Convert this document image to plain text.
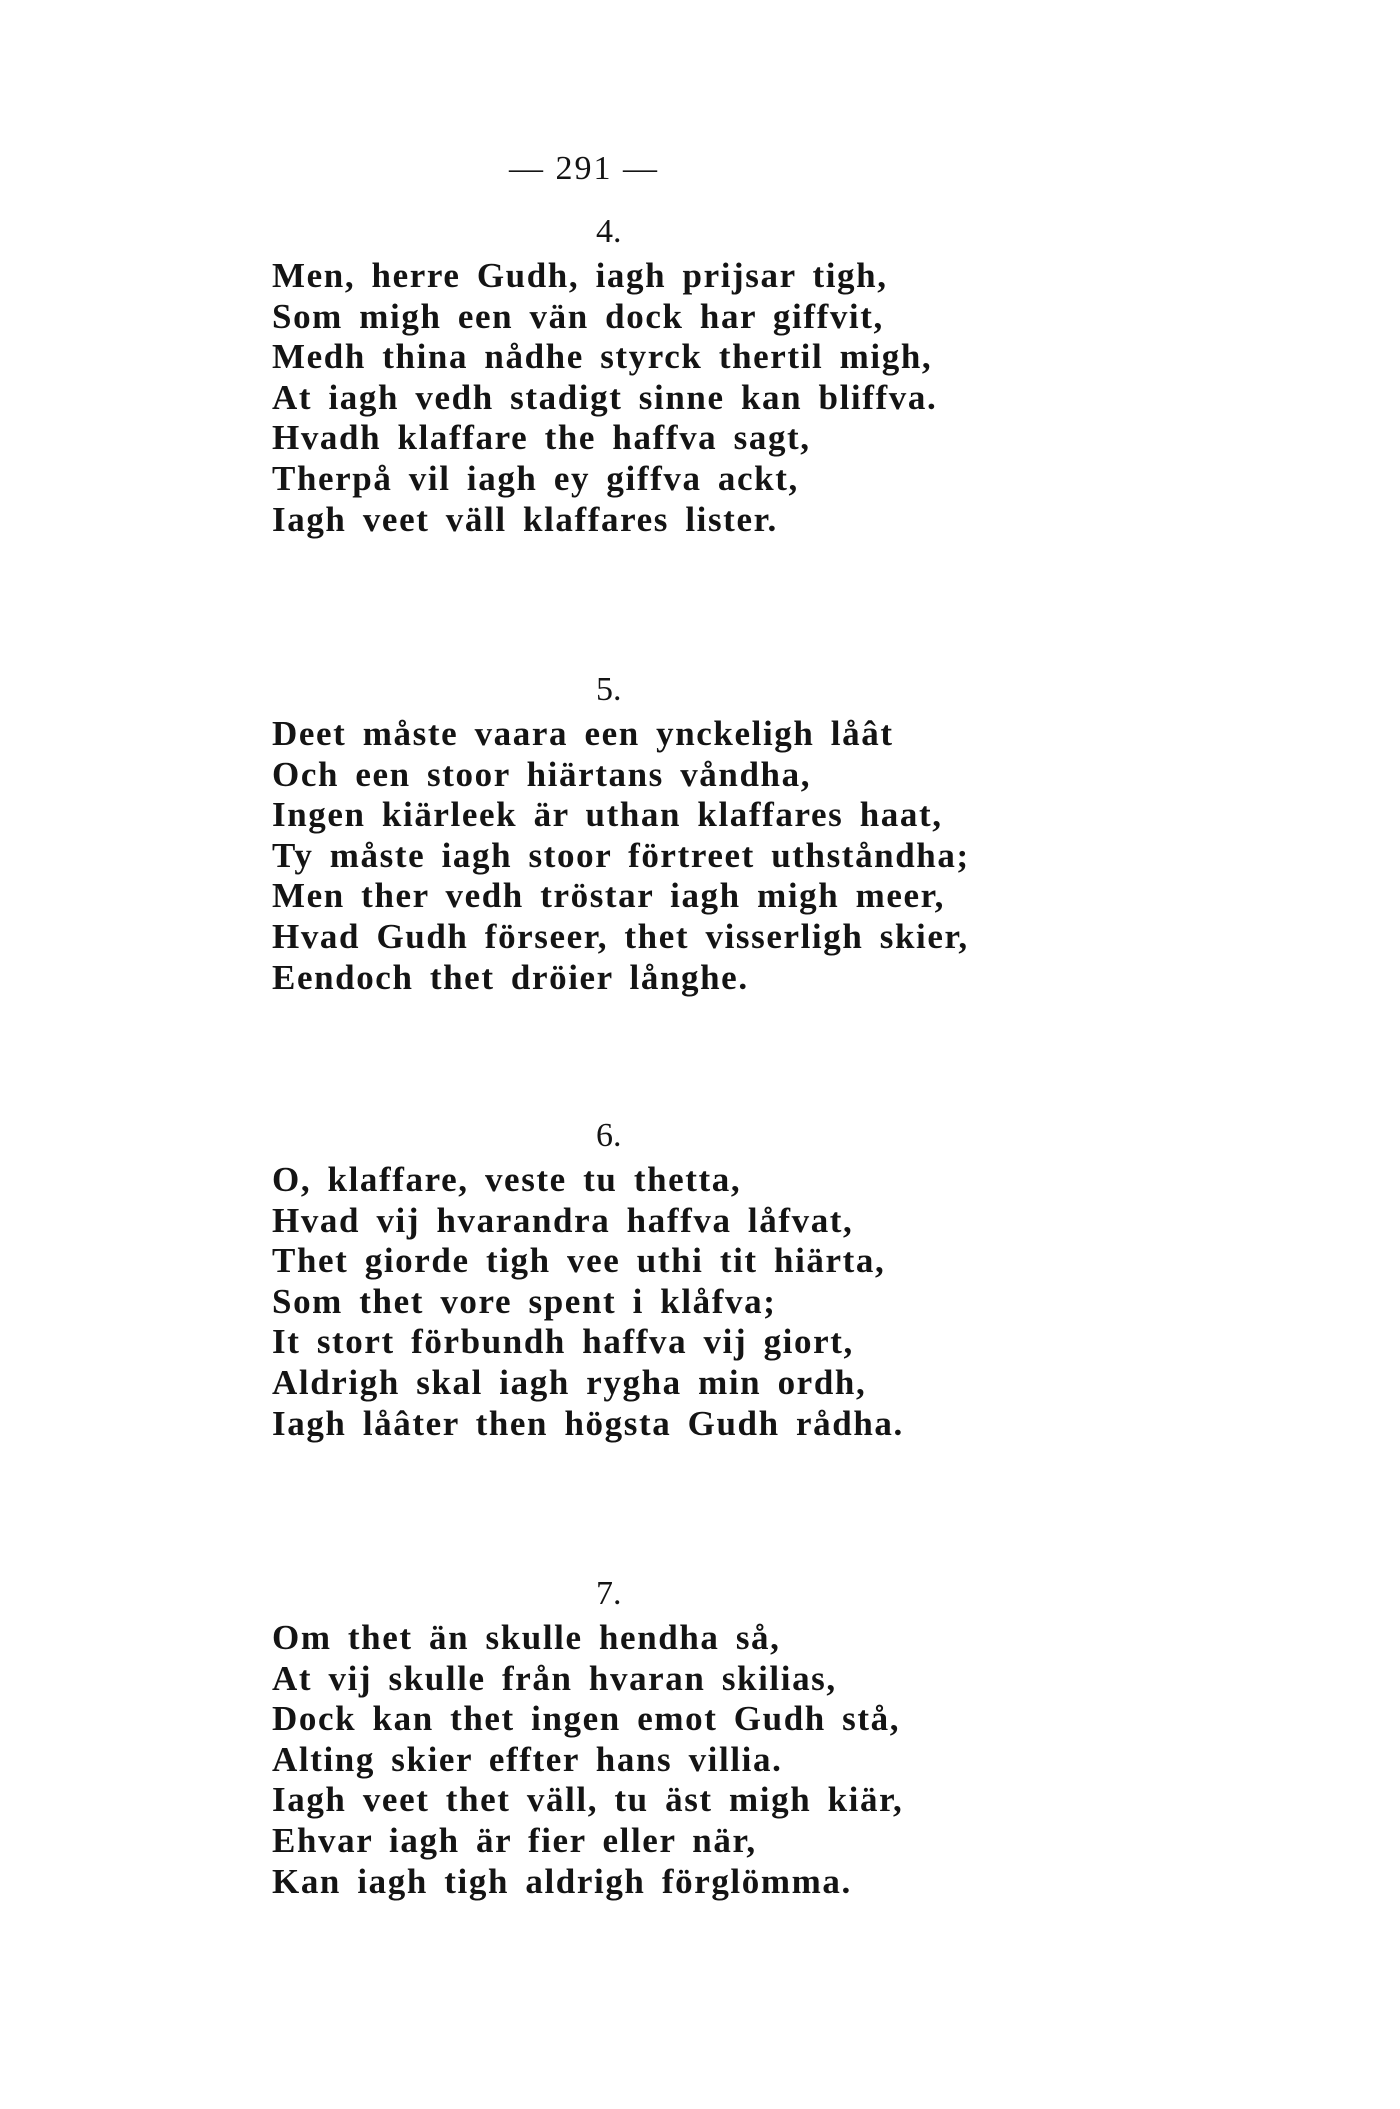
— 291 —
4.
Men, herre Gudh, iagh prijsar tigh,
Som migh een vän dock har giffvit,
Medh thina nådhe styrck thertil migh,
At iagh vedh stadigt sinne kan bliffva.
Hvadh klaffare the haffva sagt,
Therpå vil iagh ey giffva ackt,
Iagh veet väll klaffares lister.
5.
Deet måste vaara een ynckeligh låât
Och een stoor hiärtans våndha,
Ingen kiärleek är uthan klaffares haat,
Ty måste iagh stoor förtreet uthståndha;
Men ther vedh tröstar iagh migh meer,
Hvad Gudh förseer, thet visserligh skier,
Eendoch thet dröier långhe.
6.
O, klaffare, veste tu thetta,
Hvad vij hvarandra haffva låfvat,
Thet giorde tigh vee uthi tit hiärta,
Som thet vore spent i klåfva;
It stort förbundh haffva vij giort,
Aldrigh skal iagh rygha min ordh,
Iagh låâter then högsta Gudh rådha.
7.
Om thet än skulle hendha så,
At vij skulle från hvaran skilias,
Dock kan thet ingen emot Gudh stå,
Alting skier effter hans villia.
Iagh veet thet väll, tu äst migh kiär,
Ehvar iagh är fier eller när,
Kan iagh tigh aldrigh förglömma.
